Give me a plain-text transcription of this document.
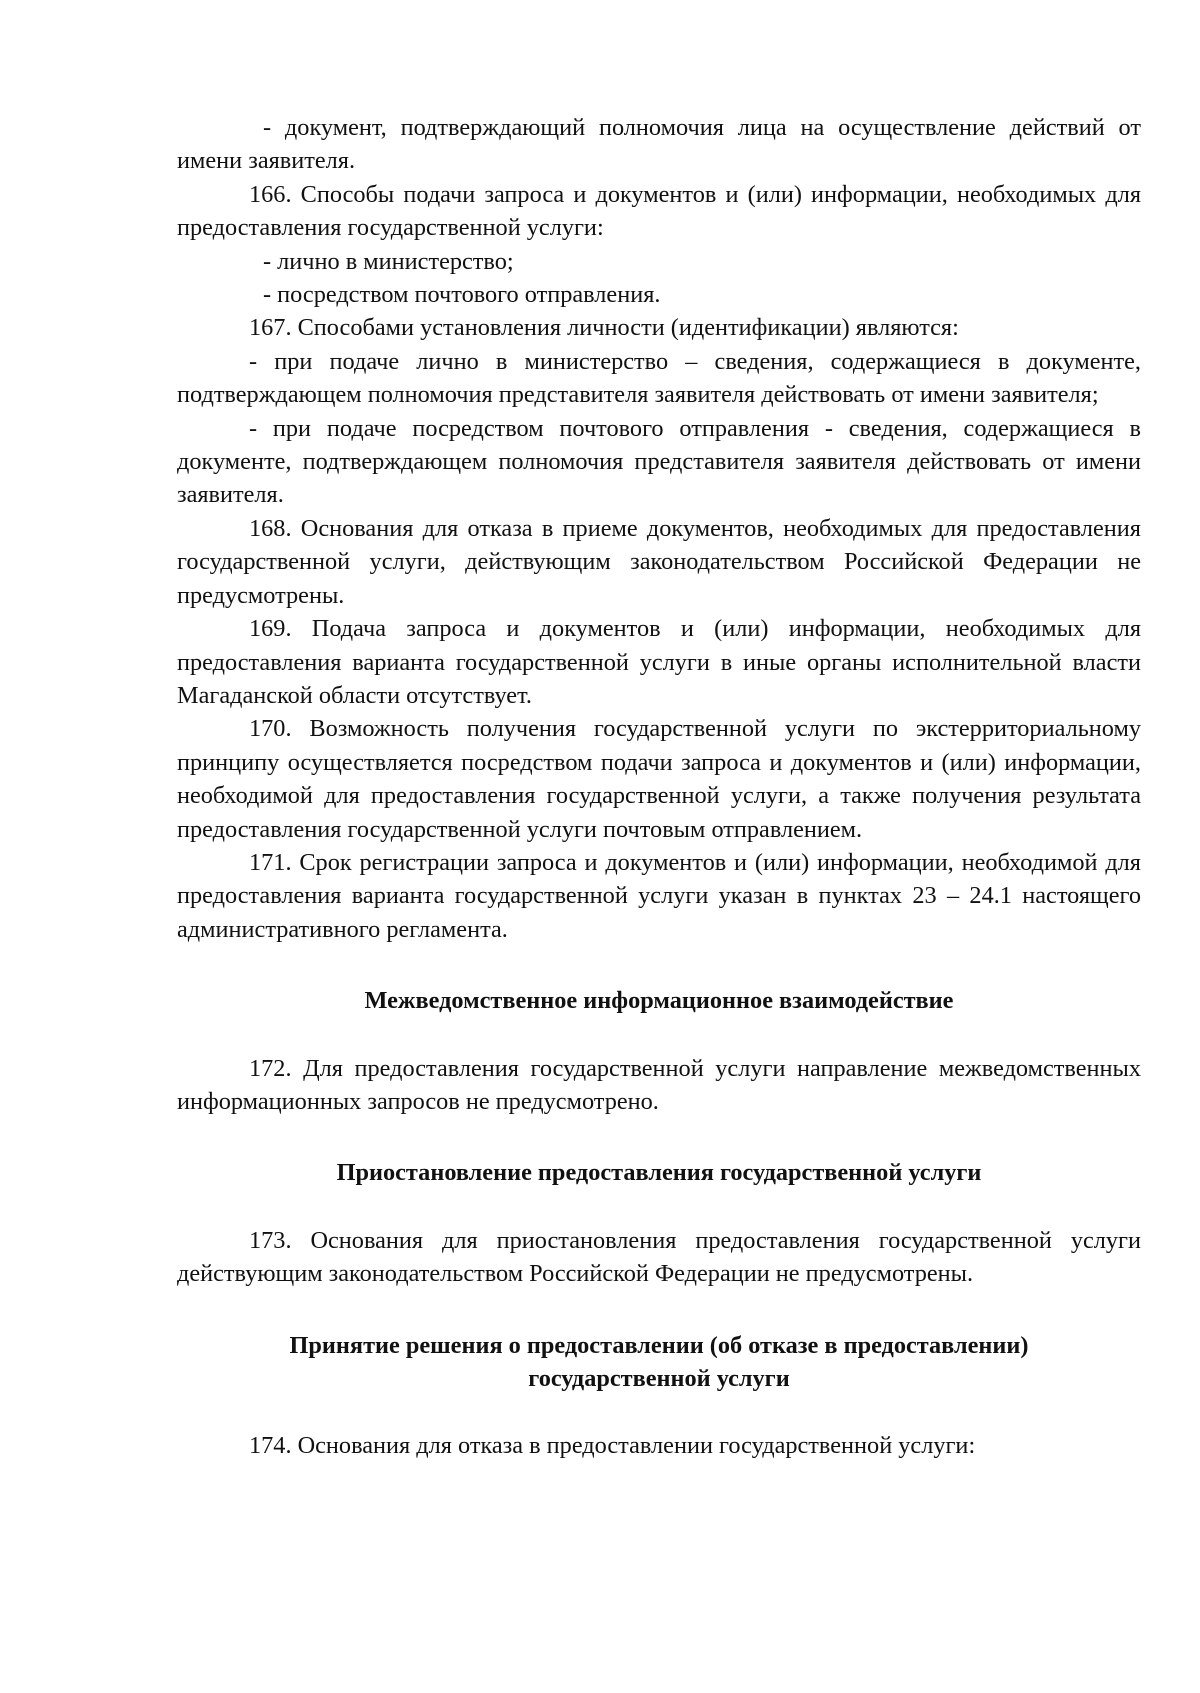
- документ, подтверждающий полномочия лица на осуществление действий от имени заявителя.

166. Способы подачи запроса и документов и (или) информации, необходимых для предоставления государственной услуги:

- лично в министерство;

- посредством почтового отправления.

167. Способами установления личности (идентификации) являются:

- при подаче лично в министерство – сведения, содержащиеся в документе, подтверждающем полномочия представителя заявителя действовать от имени заявителя;

- при подаче посредством почтового отправления - сведения, содержащиеся в документе, подтверждающем полномочия представителя заявителя действовать от имени заявителя.

168. Основания для отказа в приеме документов, необходимых для предоставления государственной услуги, действующим законодательством Российской Федерации не предусмотрены.

169. Подача запроса и документов и (или) информации, необходимых для предоставления варианта государственной услуги в иные органы исполнительной власти Магаданской области отсутствует.

170. Возможность получения государственной услуги по экстерриториальному принципу осуществляется посредством подачи запроса и документов и (или) информации, необходимой для предоставления государственной услуги, а также получения результата предоставления государственной услуги почтовым отправлением.

171. Срок регистрации запроса и документов и (или) информации, необходимой для предоставления варианта государственной услуги указан в пунктах 23 – 24.1 настоящего административного регламента.

Межведомственное информационное взаимодействие

172. Для предоставления государственной услуги направление межведомственных информационных запросов не предусмотрено.

Приостановление предоставления государственной услуги

173. Основания для приостановления предоставления государственной услуги действующим законодательством Российской Федерации не предусмотрены.

Принятие решения о предоставлении (об отказе в предоставлении)

государственной услуги

174. Основания для отказа в предоставлении государственной услуги:
